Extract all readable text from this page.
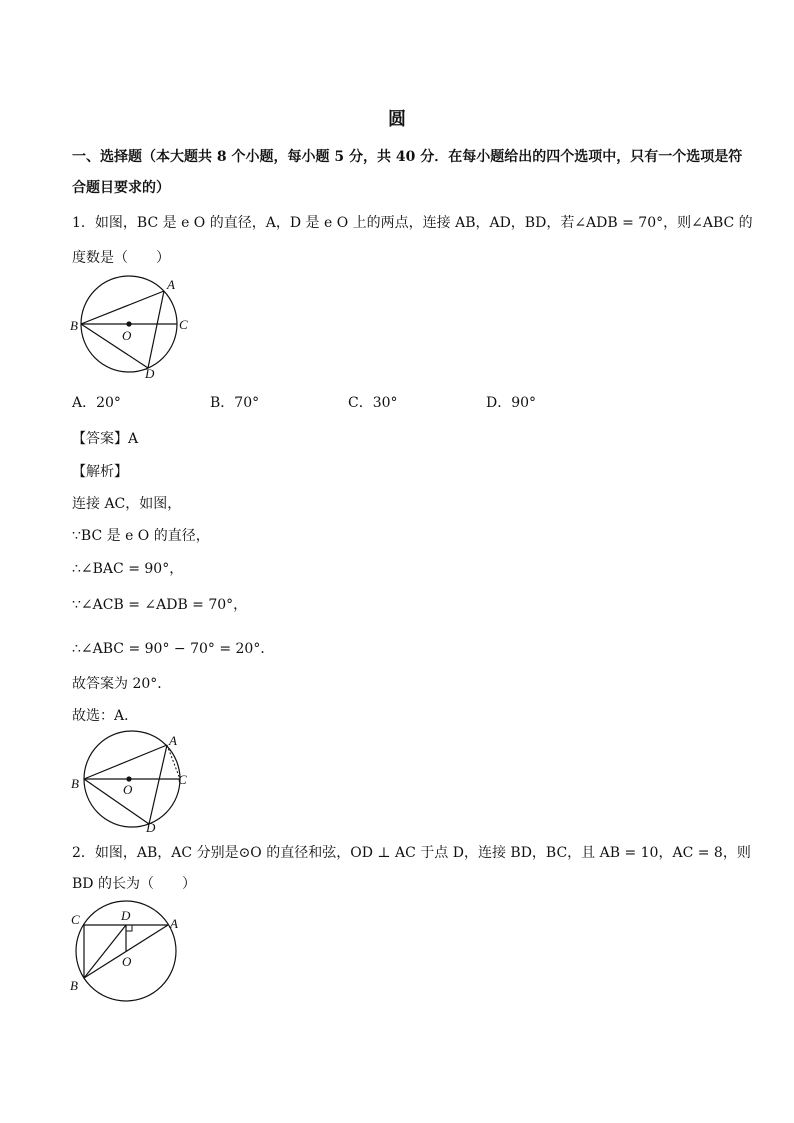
圆
一、选择题（本大题共 8 个小题，每小题 5 分，共 40 分．在每小题给出的四个选项中，只有一个选项是符
合题目要求的）
1．如图，BC 是 e O 的直径，A，D 是 e O 上的两点，连接 AB，AD，BD，若∠ADB = 70°，则∠ABC 的
度数是（　　）
A
B	C
D
O
A．20°	B．70°	C．30°	D．90°
【答案】A
【解析】
连接 AC，如图，
∵BC 是 e O 的直径，
∴∠BAC = 90°，
∵∠ACB = ∠ADB = 70°，
∴∠ABC = 90° − 70° = 20°．
故答案为 20°．
故选：A．
A
B	C
D
O
2．如图，AB，AC 分别是⊙O 的直径和弦，OD ⊥ AC 于点 D，连接 BD，BC，且 AB = 10，AC = 8，则
BD 的长为（　　）
C	D
A
O
B
